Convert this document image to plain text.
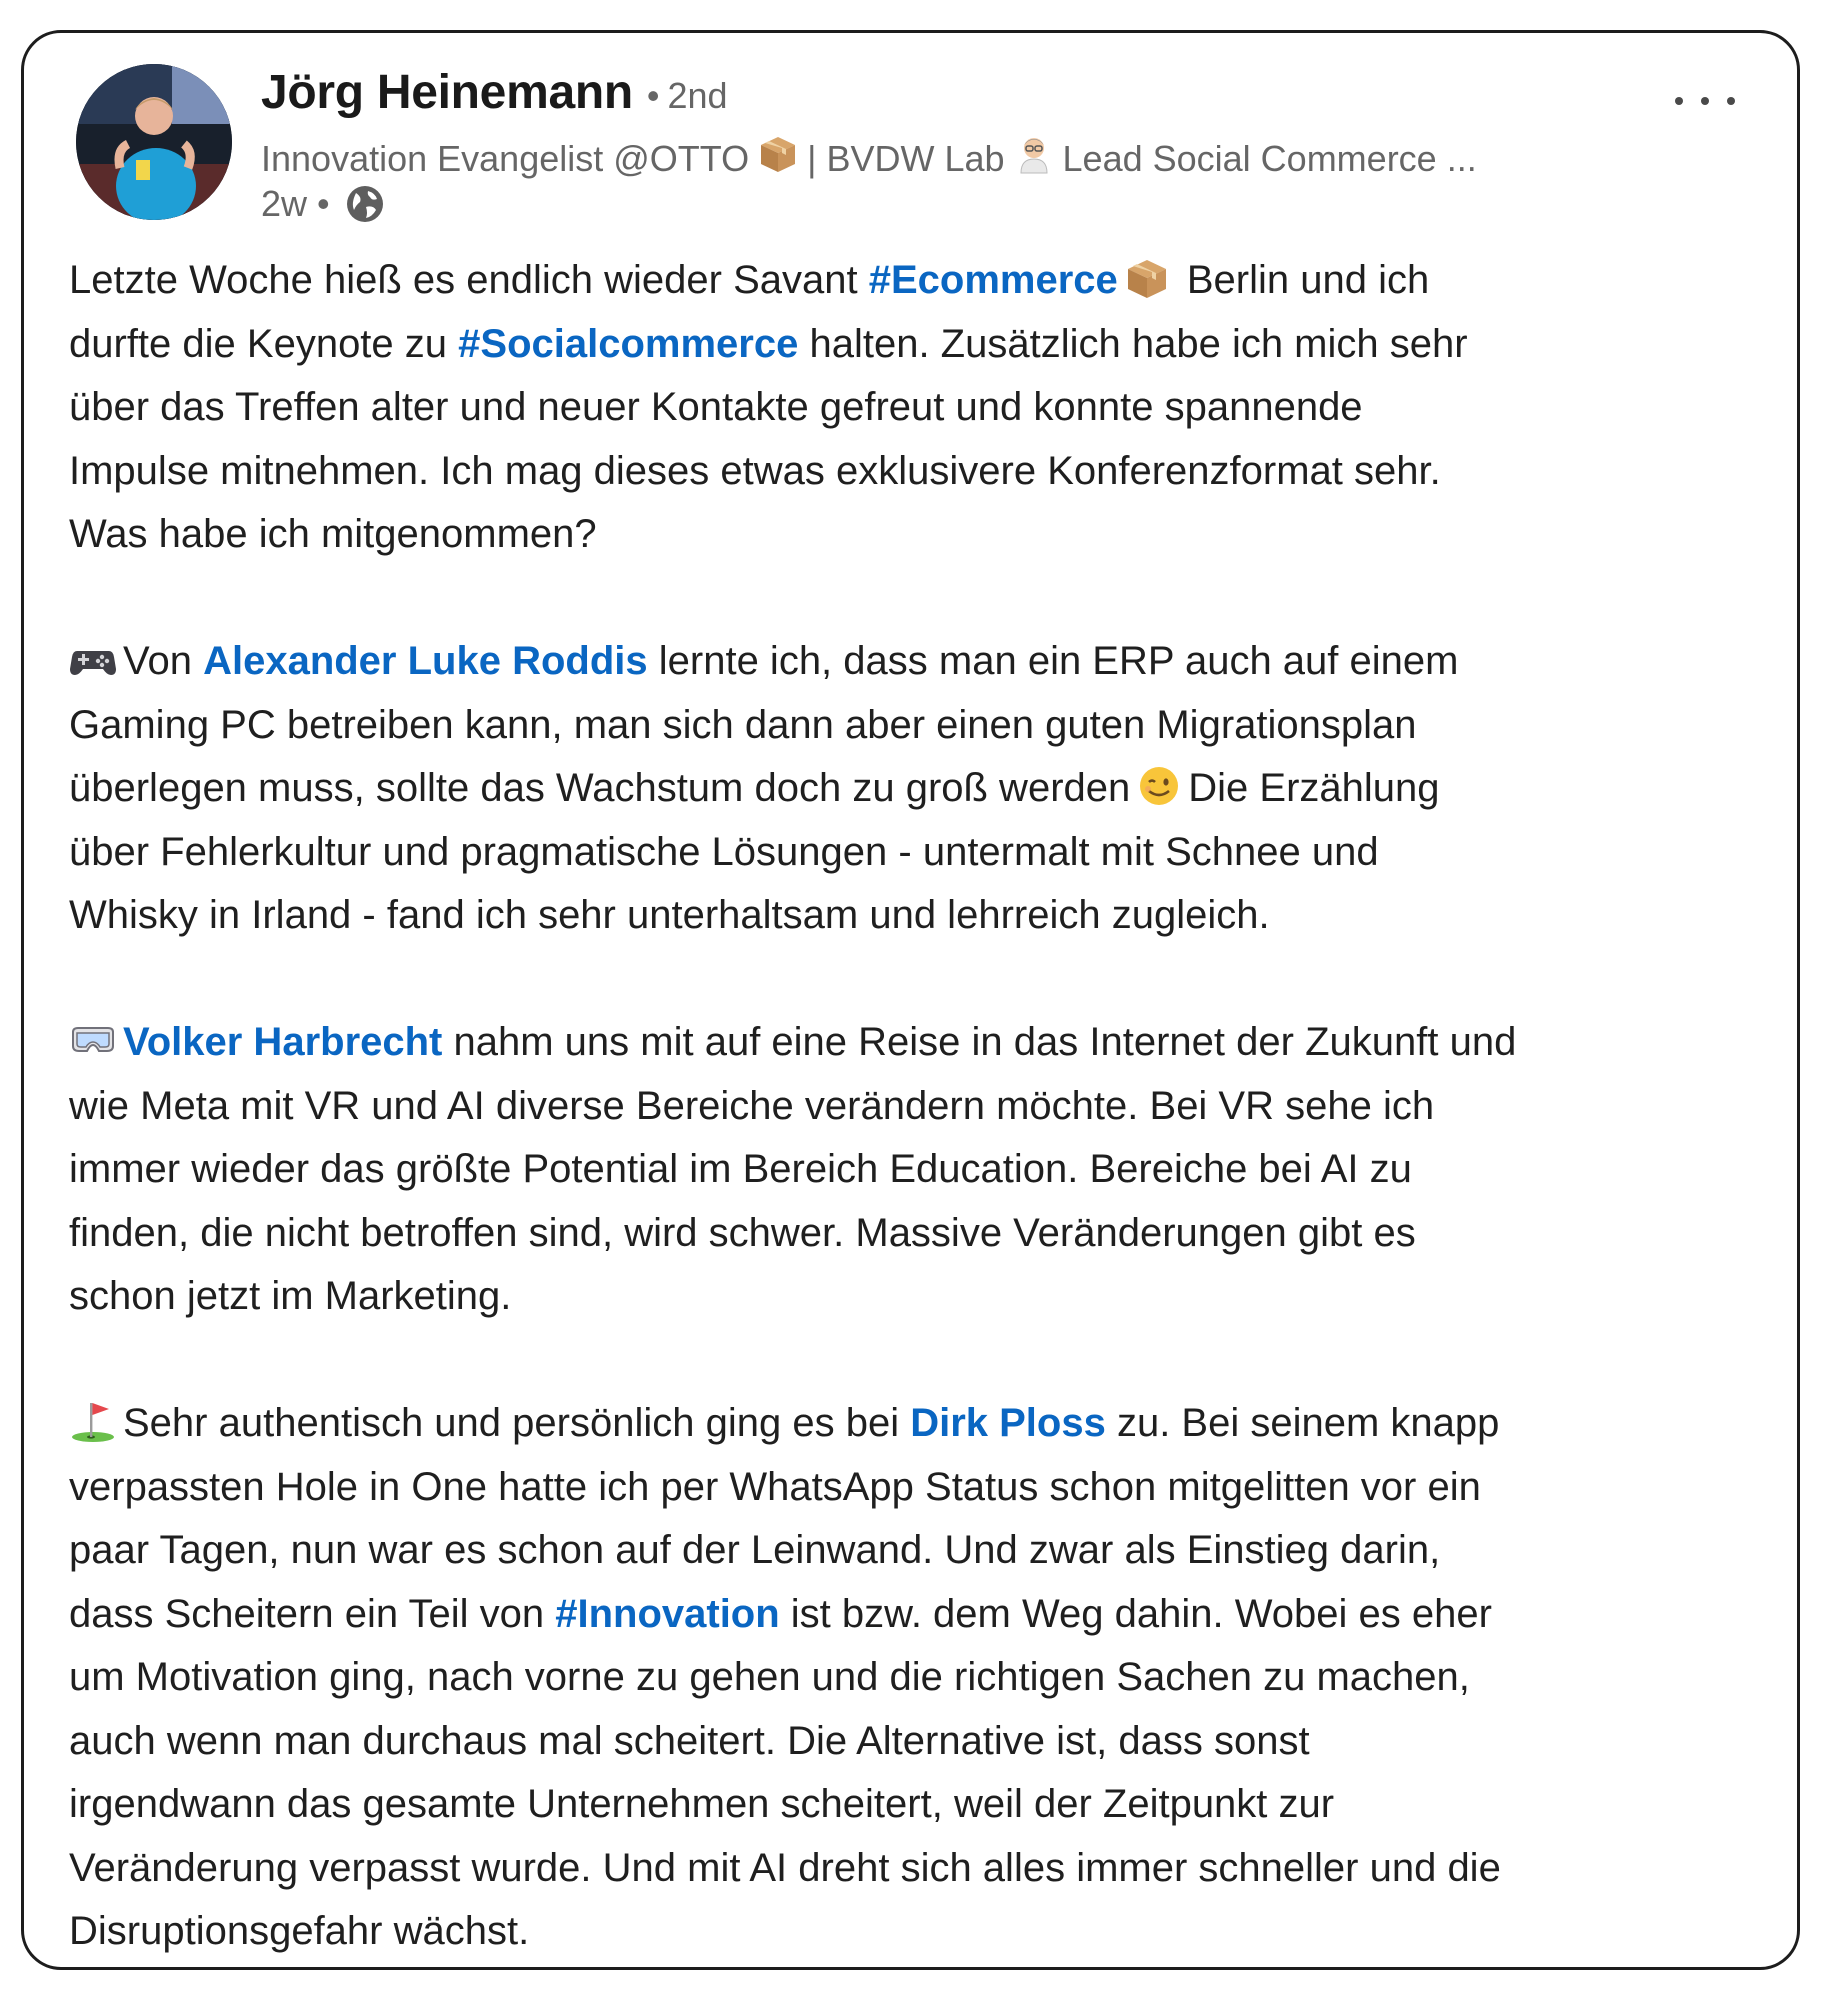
Jörg Heinemann • 2nd
Innovation Evangelist @OTTO | BVDW Lab Lead Social Commerce ...
2w •
Letzte Woche hieß es endlich wieder Savant #Ecommerce Berlin und ich
durfte die Keynote zu #Socialcommerce halten. Zusätzlich habe ich mich sehr
über das Treffen alter und neuer Kontakte gefreut und konnte spannende
Impulse mitnehmen. Ich mag dieses etwas exklusivere Konferenzformat sehr.
Was habe ich mitgenommen?
Von Alexander Luke Roddis lernte ich, dass man ein ERP auch auf einem
Gaming PC betreiben kann, man sich dann aber einen guten Migrationsplan
überlegen muss, sollte das Wachstum doch zu groß werden Die Erzählung
über Fehlerkultur und pragmatische Lösungen - untermalt mit Schnee und
Whisky in Irland - fand ich sehr unterhaltsam und lehrreich zugleich.
Volker Harbrecht nahm uns mit auf eine Reise in das Internet der Zukunft und
wie Meta mit VR und AI diverse Bereiche verändern möchte. Bei VR sehe ich
immer wieder das größte Potential im Bereich Education. Bereiche bei AI zu
finden, die nicht betroffen sind, wird schwer. Massive Veränderungen gibt es
schon jetzt im Marketing.
Sehr authentisch und persönlich ging es bei Dirk Ploss zu. Bei seinem knapp
verpassten Hole in One hatte ich per WhatsApp Status schon mitgelitten vor ein
paar Tagen, nun war es schon auf der Leinwand. Und zwar als Einstieg darin,
dass Scheitern ein Teil von #Innovation ist bzw. dem Weg dahin. Wobei es eher
um Motivation ging, nach vorne zu gehen und die richtigen Sachen zu machen,
auch wenn man durchaus mal scheitert. Die Alternative ist, dass sonst
irgendwann das gesamte Unternehmen scheitert, weil der Zeitpunkt zur
Veränderung verpasst wurde. Und mit AI dreht sich alles immer schneller und die
Disruptionsgefahr wächst.
